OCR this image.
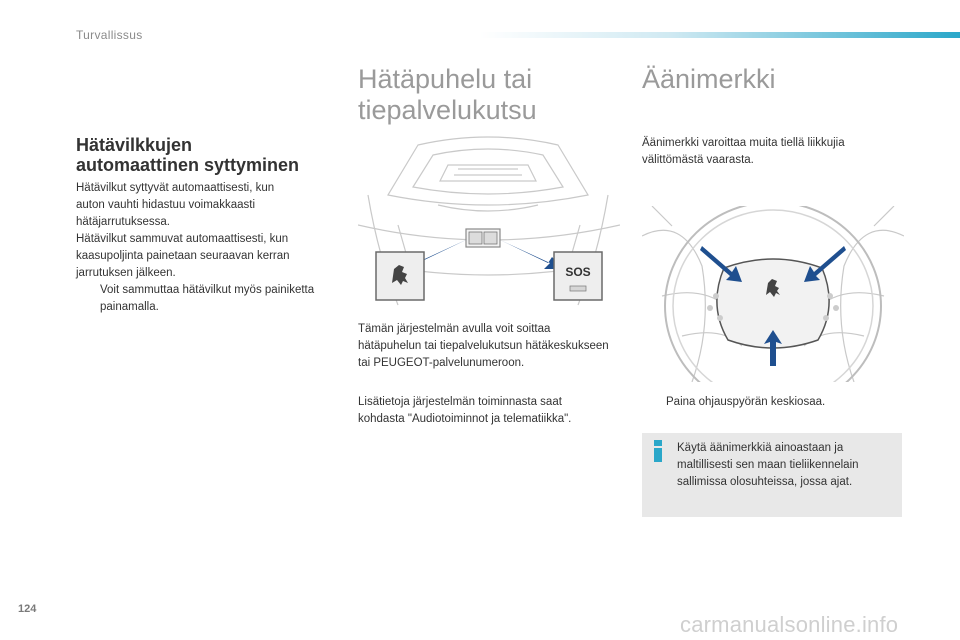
Turvallissus
Hätävilkkujen
automaattinen syttyminen
Hätävilkut syttyvät automaattisesti, kun
auton vauhti hidastuu voimakkaasti
hätäjarrutuksessa.
Hätävilkut sammuvat automaattisesti, kun
kaasupoljinta painetaan seuraavan kerran
jarrutuksen jälkeen.
Voit sammuttaa hätävilkut myös painiketta
painamalla.
Hätäpuhelu tai
tiepalvelukutsu
SOS
Tämän järjestelmän avulla voit soittaa
hätäpuhelun tai tiepalvelukutsun hätäkeskukseen
tai PEUGEOT-palvelunumeroon.
Lisätietoja järjestelmän toiminnasta saat
kohdasta "Audiotoiminnot ja telematiikka".
Äänimerkki
Äänimerkki varoittaa muita tiellä liikkujia
välittömästä vaarasta.
Paina ohjauspyörän keskiosaa.
Käytä äänimerkkiä ainoastaan ja
maltillisesti sen maan tieliikennelain
sallimissa olosuhteissa, jossa ajat.
124
carmanualsonline.info
